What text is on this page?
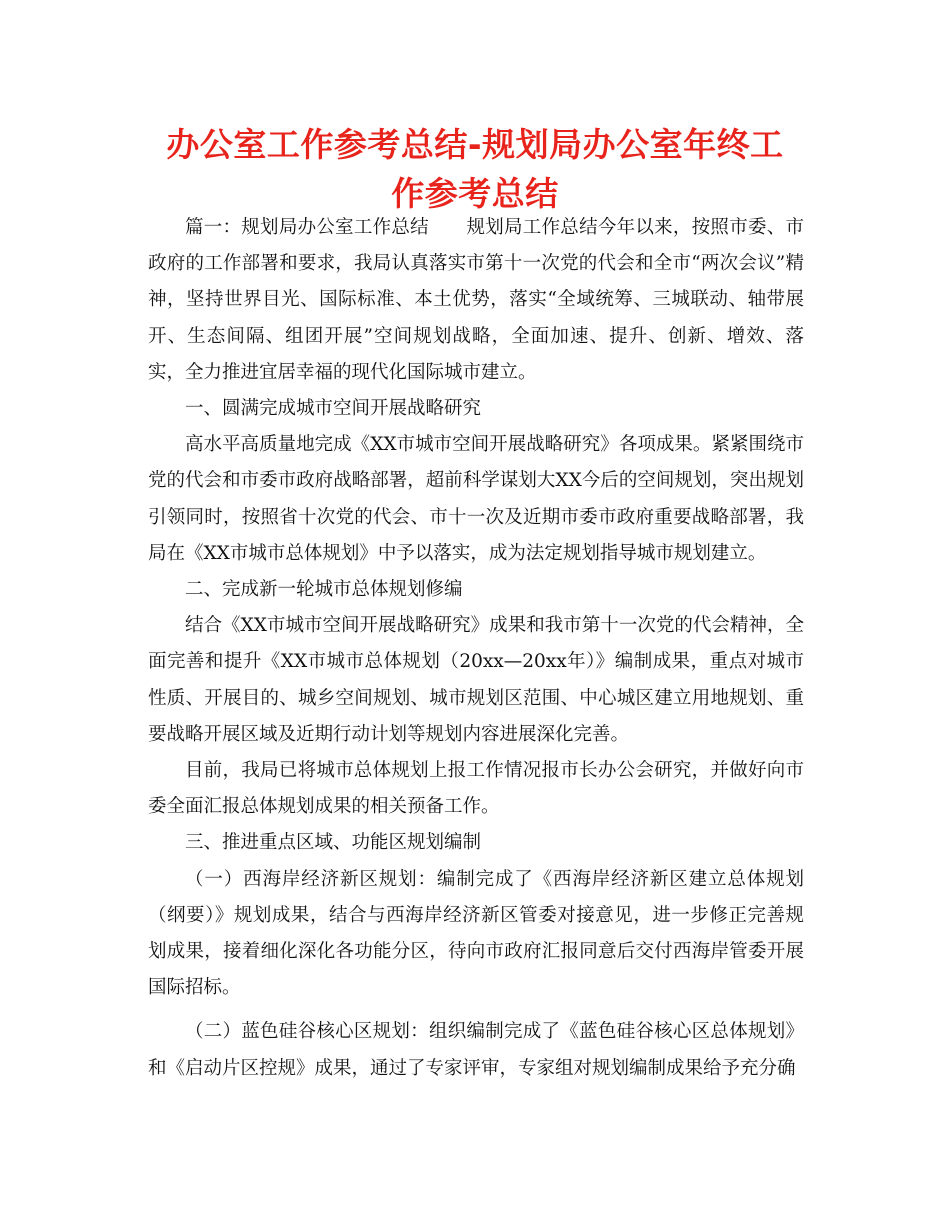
办公室工作参考总结-规划局办公室年终工作参考总结

篇一：规划局办公室工作总结　　规划局工作总结今年以来，按照市委、市政府的工作部署和要求，我局认真落实市第十一次党的代会和全市“两次会议”精神，坚持世界目光、国际标准、本土优势，落实“全域统筹、三城联动、轴带展开、生态间隔、组团开展”空间规划战略，全面加速、提升、创新、增效、落实，全力推进宜居幸福的现代化国际城市建立。

一、圆满完成城市空间开展战略研究

高水平高质量地完成《XX市城市空间开展战略研究》各项成果。紧紧围绕市党的代会和市委市政府战略部署，超前科学谋划大XX今后的空间规划，突出规划引领同时，按照省十次党的代会、市十一次及近期市委市政府重要战略部署，我局在《XX市城市总体规划》中予以落实，成为法定规划指导城市规划建立。

二、完成新一轮城市总体规划修编

结合《XX市城市空间开展战略研究》成果和我市第十一次党的代会精神，全面完善和提升《XX市城市总体规划（20xx—20xx年）》编制成果，重点对城市性质、开展目的、城乡空间规划、城市规划区范围、中心城区建立用地规划、重要战略开展区域及近期行动计划等规划内容进展深化完善。

目前，我局已将城市总体规划上报工作情况报市长办公会研究，并做好向市委全面汇报总体规划成果的相关预备工作。

三、推进重点区域、功能区规划编制

（一）西海岸经济新区规划：编制完成了《西海岸经济新区建立总体规划（纲要）》规划成果，结合与西海岸经济新区管委对接意见，进一步修正完善规划成果，接着细化深化各功能分区，待向市政府汇报同意后交付西海岸管委开展国际招标。

（二）蓝色硅谷核心区规划：组织编制完成了《蓝色硅谷核心区总体规划》和《启动片区控规》成果，通过了专家评审，专家组对规划编制成果给予充分确
